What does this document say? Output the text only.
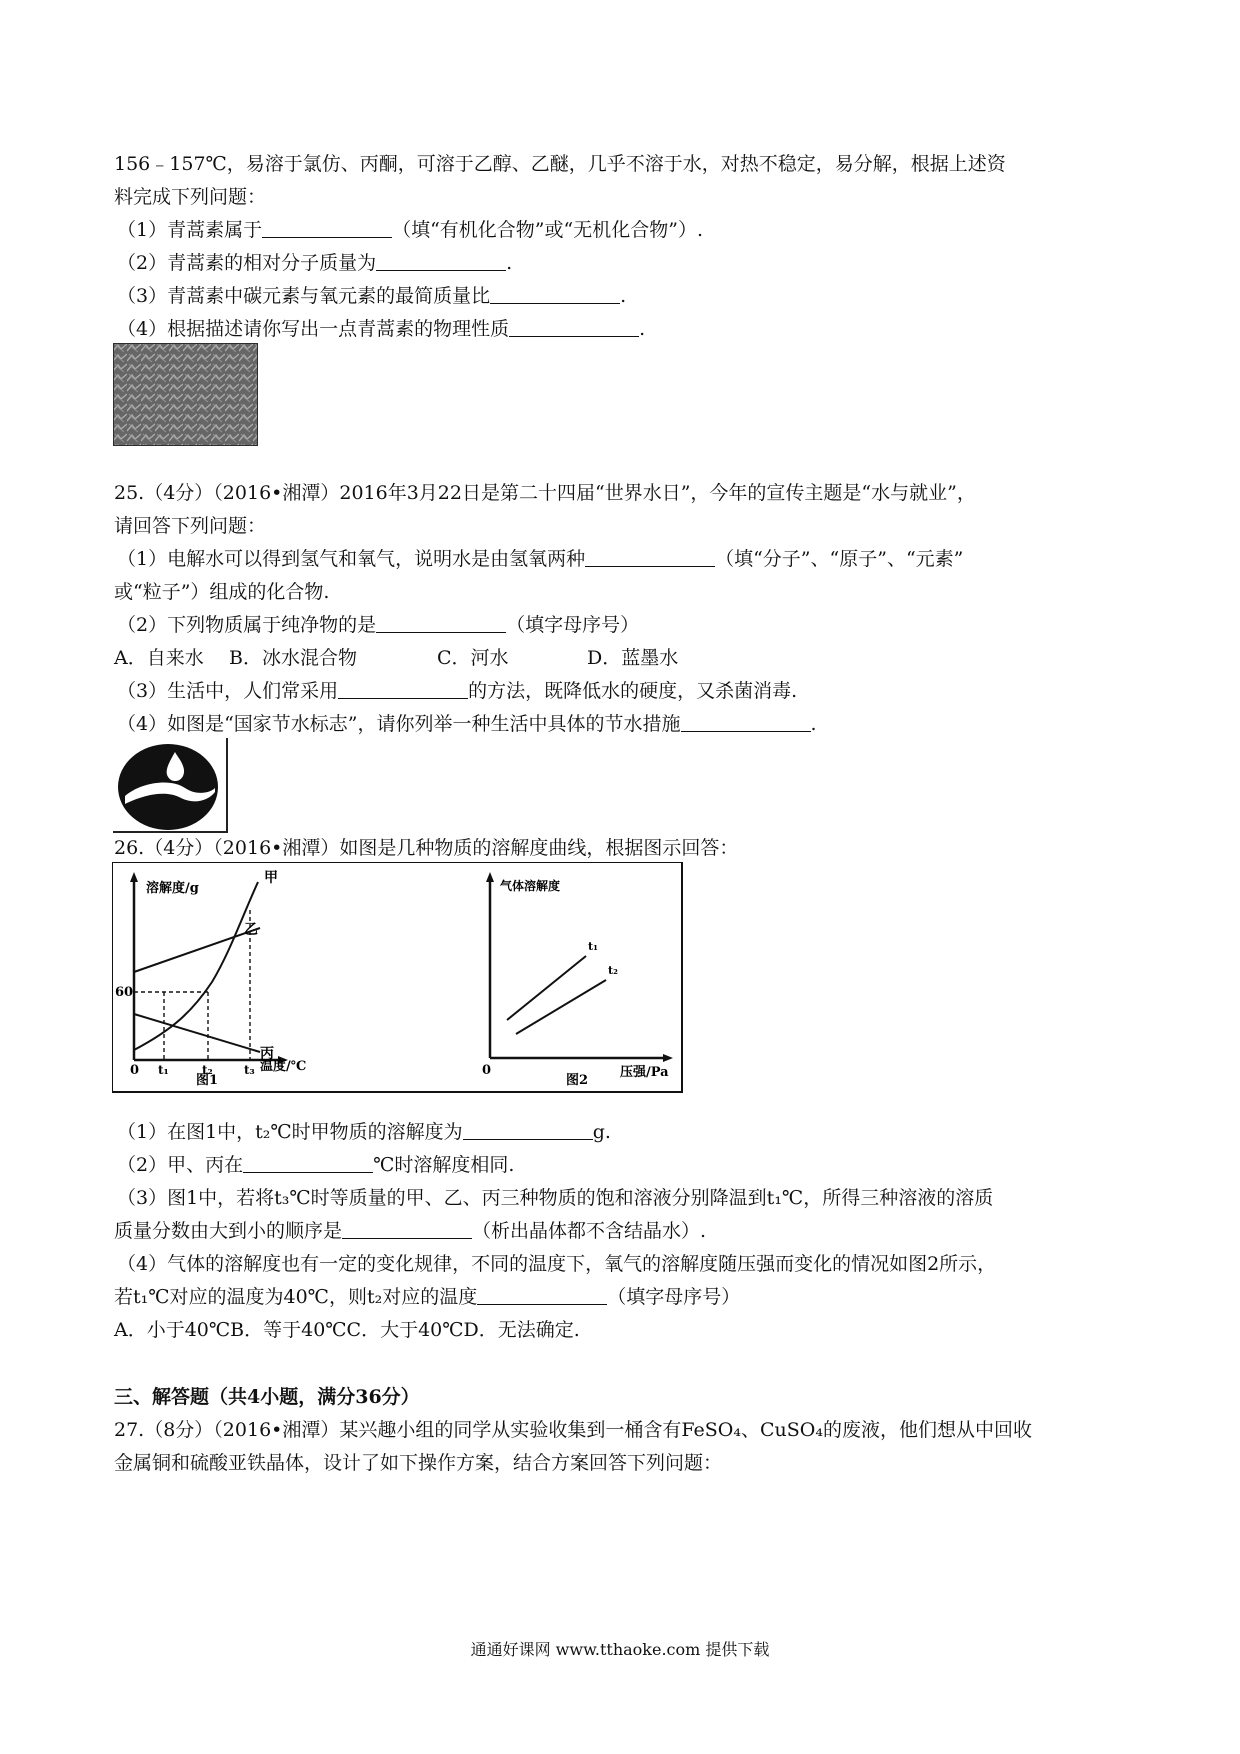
156﹣157℃，易溶于氯仿、丙酮，可溶于乙醇、乙醚，几乎不溶于水，对热不稳定，易分解，根据上述资
料完成下列问题：
（1）青蒿素属于	（填“有机化合物”或“无机化合物”）.
（2）青蒿素的相对分子质量为	.
（3）青蒿素中碳元素与氧元素的最简质量比	.
（4）根据描述请你写出一点青蒿素的物理性质	.
25.（4分）（2016•湘潭）2016年3月22日是第二十四届“世界水日”，今年的宣传主题是“水与就业”，
请回答下列问题：
（1）电解水可以得到氢气和氧气，说明水是由氢氧两种	（填“分子”、“原子”、“元素”
或“粒子”）组成的化合物.
（2）下列物质属于纯净物的是	（填字母序号）
A．自来水 B．冰水混合物	C．河水	D．蓝墨水
（3）生活中，人们常采用	的方法，既降低水的硬度，又杀菌消毒.
（4）如图是“国家节水标志”，请你列举一种生活中具体的节水措施	.
26.（4分）（2016•湘潭）如图是几种物质的溶解度曲线，根据图示回答：
溶解度/g
温度/℃
图1
0
60
甲
乙
丙
t₁	t₂	t₃
气体溶解度
压强/Pa
图2
0
t₁
t₂
（1）在图1中，t₂℃时甲物质的溶解度为	g.
（2）甲、丙在	℃时溶解度相同.
（3）图1中，若将t₃℃时等质量的甲、乙、丙三种物质的饱和溶液分别降温到t₁℃，所得三种溶液的溶质
质量分数由大到小的顺序是	（析出晶体都不含结晶水）.
（4）气体的溶解度也有一定的变化规律，不同的温度下，氧气的溶解度随压强而变化的情况如图2所示，
若t₁℃对应的温度为40℃，则t₂对应的温度	（填字母序号）
A．小于40℃B．等于40℃C．大于40℃D．无法确定.
三、解答题（共4小题，满分36分）
27.（8分）（2016•湘潭）某兴趣小组的同学从实验收集到一桶含有FeSO₄、CuSO₄的废液，他们想从中回收
金属铜和硫酸亚铁晶体，设计了如下操作方案，结合方案回答下列问题：
通通好课网 www.tthaoke.com 提供下载
